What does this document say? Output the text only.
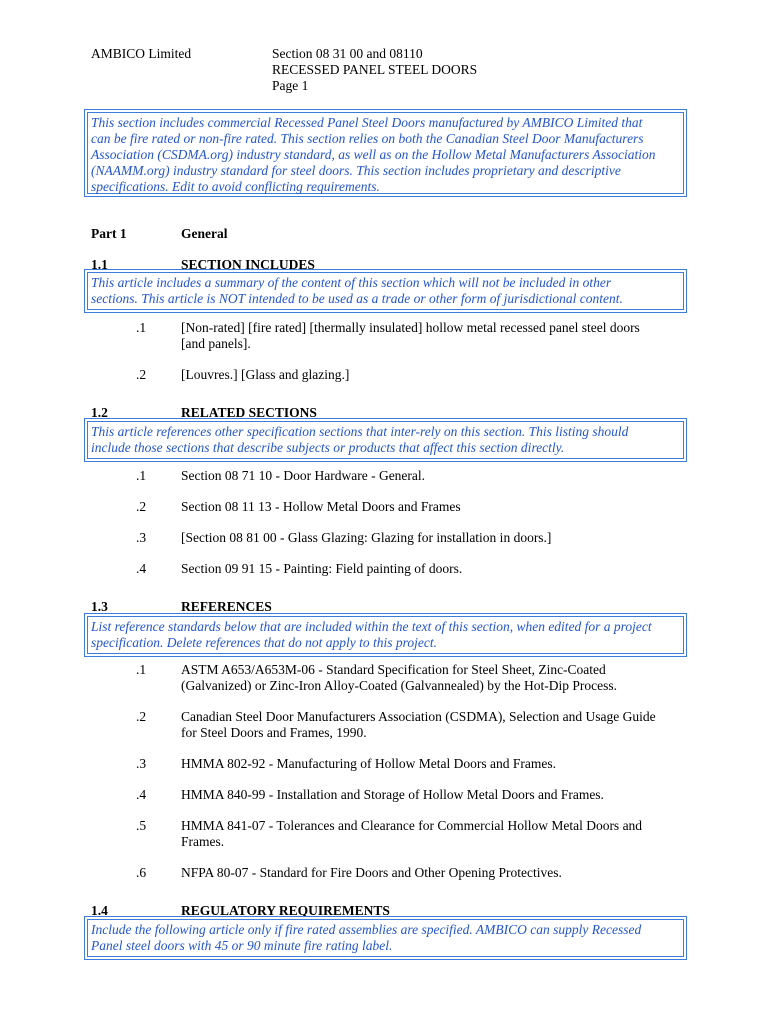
AMBICO Limited	Section 08 31 00 and 08110
RECESSED PANEL STEEL DOORS
Page 1
This section includes commercial Recessed Panel Steel Doors manufactured by AMBICO Limited that
can be fire rated or non-fire rated. This section relies on both the Canadian Steel Door Manufacturers
Association (CSDMA.org) industry standard, as well as on the Hollow Metal Manufacturers Association
(NAAMM.org) industry standard for steel doors. This section includes proprietary and descriptive
specifications. Edit to avoid conflicting requirements.
Part 1	General
1.1	SECTION INCLUDES
This article includes a summary of the content of this section which will not be included in other
sections. This article is NOT intended to be used as a trade or other form of jurisdictional content.
.1	[Non-rated] [fire rated] [thermally insulated] hollow metal recessed panel steel doors
[and panels].
.2	[Louvres.] [Glass and glazing.]
1.2	RELATED SECTIONS
This article references other specification sections that inter-rely on this section. This listing should
include those sections that describe subjects or products that affect this section directly.
.1	Section 08 71 10 - Door Hardware - General.
.2	Section 08 11 13 - Hollow Metal Doors and Frames
.3	[Section 08 81 00 - Glass Glazing: Glazing for installation in doors.]
.4	Section 09 91 15 - Painting: Field painting of doors.
1.3	REFERENCES
List reference standards below that are included within the text of this section, when edited for a project
specification. Delete references that do not apply to this project.
.1	ASTM A653/A653M-06 - Standard Specification for Steel Sheet, Zinc-Coated
(Galvanized) or Zinc-Iron Alloy-Coated (Galvannealed) by the Hot-Dip Process.
.2	Canadian Steel Door Manufacturers Association (CSDMA), Selection and Usage Guide
for Steel Doors and Frames, 1990.
.3	HMMA 802-92 - Manufacturing of Hollow Metal Doors and Frames.
.4	HMMA 840-99 - Installation and Storage of Hollow Metal Doors and Frames.
.5	HMMA 841-07 - Tolerances and Clearance for Commercial Hollow Metal Doors and
Frames.
.6	NFPA 80-07 - Standard for Fire Doors and Other Opening Protectives.
1.4	REGULATORY REQUIREMENTS
Include the following article only if fire rated assemblies are specified. AMBICO can supply Recessed
Panel steel doors with 45 or 90 minute fire rating label.
